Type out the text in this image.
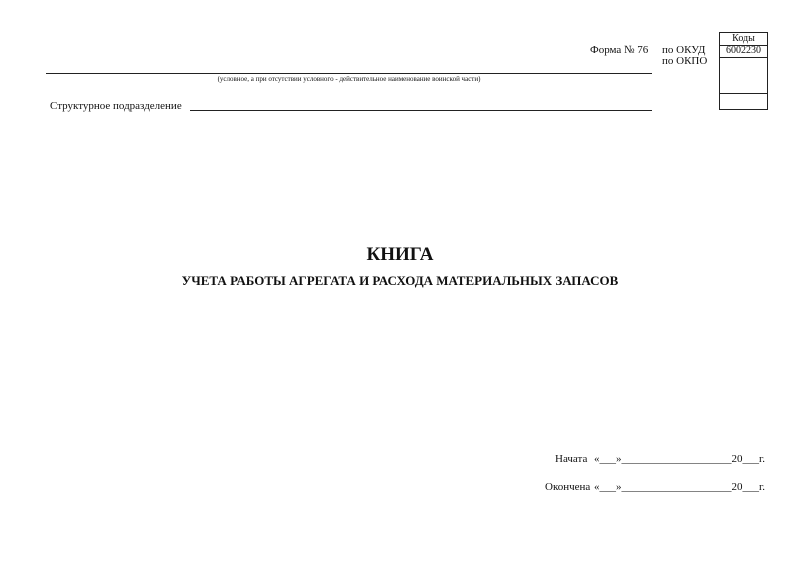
Форма № 76 по ОКУД
по ОКПО
Коды
6002230
(условное, а при отсутствии условного - действительное наименование воинской части)
Структурное подразделение
КНИГА
УЧЕТА РАБОТЫ АГРЕГАТА И РАСХОДА МАТЕРИАЛЬНЫХ ЗАПАСОВ
Начата «___»____________________20___г.
Окончена «___»____________________20___г.
